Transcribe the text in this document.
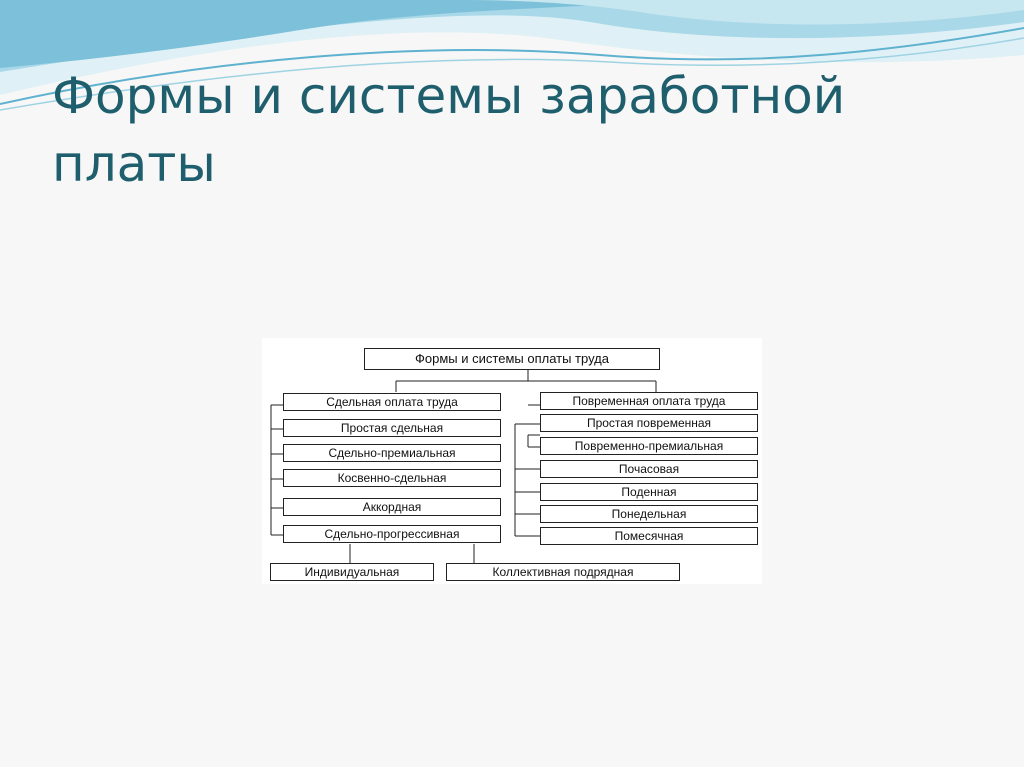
Формы и системы заработной платы
Формы и системы оплаты труда
Сдельная оплата труда
Простая сдельная
Сдельно-премиальная
Косвенно-сдельная
Аккордная
Сдельно-прогрессивная
Индивидуальная	Коллективная подрядная
Повременная оплата труда
Простая повременная
Повременно-премиальная
Почасовая
Поденная
Понедельная
Помесячная
